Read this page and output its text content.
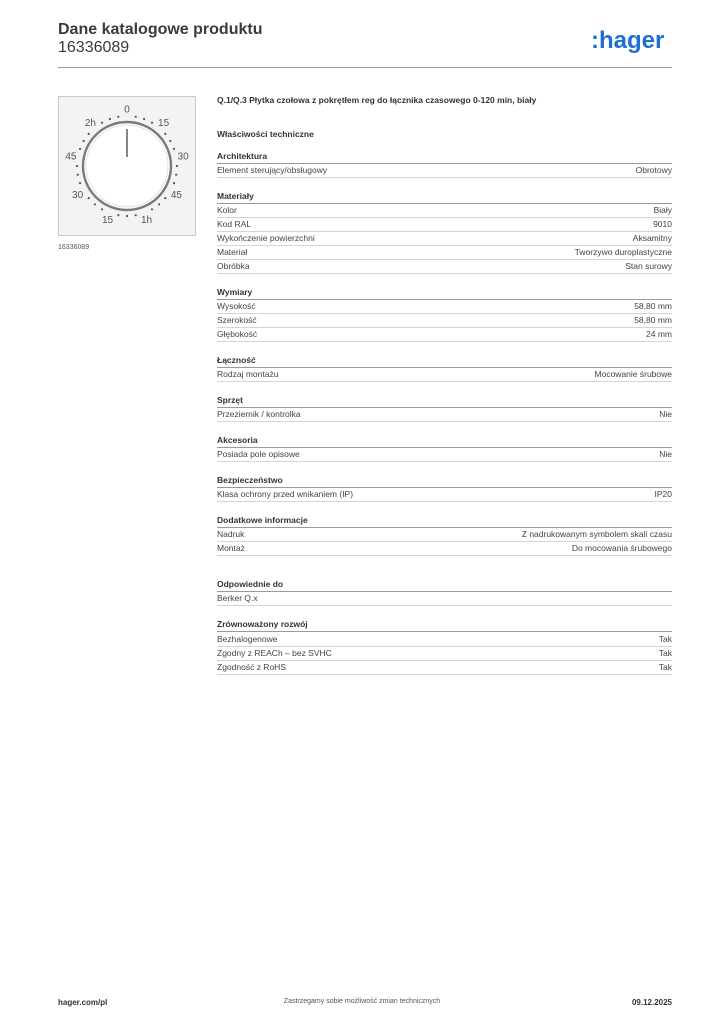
Dane katalogowe produktu
16336089	:hager
0
15
30
45
1h
15
30
45
2h
16336089
Q.1/Q.3 Płytka czołowa z pokrętłem reg do łącznika czasowego 0-120 min, biały
Właściwości techniczne
Architektura
Element sterujący/obsługowy	Obrotowy
Materiały
Kolor	Biały
Kod RAL	9010
Wykończenie powierzchni	Aksamitny
Materiał	Tworzywo duroplastyczne
Obróbka	Stan surowy
Wymiary
Wysokość	58,80 mm
Szerokość	58,80 mm
Głębokość	24 mm
Łączność
Rodzaj montażu	Mocowanie śrubowe
Sprzęt
Przeziernik / kontrolka	Nie
Akcesoria
Posiada pole opisowe	Nie
Bezpieczeństwo
Klasa ochrony przed wnikaniem (IP)	IP20
Dodatkowe informacje
Nadruk	Z nadrukowanym symbolem skali czasu
Montaż	Do mocowania śrubowego
Odpowiednie do
Berker Q.x
Zrównoważony rozwój
Bezhalogenowe	Tak
Zgodny z REACh – bez SVHC	Tak
Zgodność z RoHS	Tak
hager.com/pl	Zastrzegamy sobie możliwość zmian technicznych	09.12.2025
